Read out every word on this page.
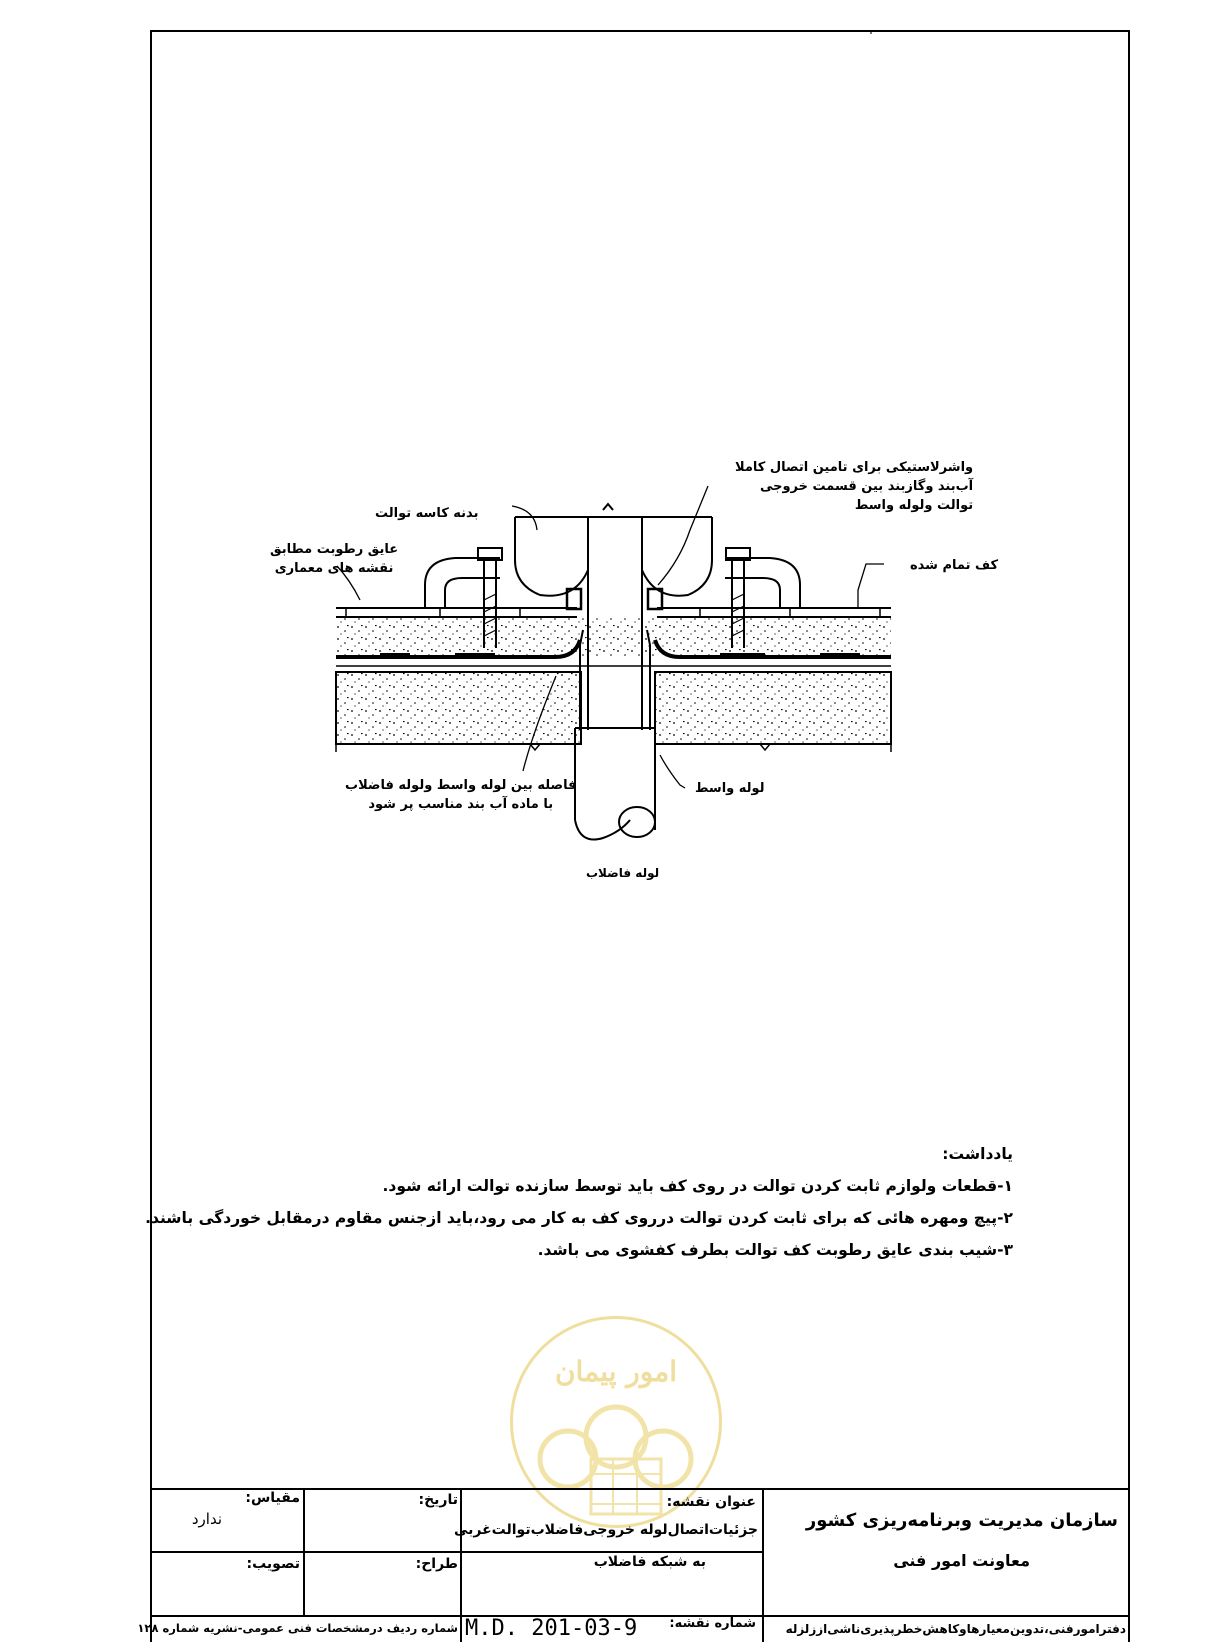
بدنه کاسه توالت
واشرلاستیکی برای تامین اتصال کاملا
آب‌بند وگازبند بین قسمت خروجی
توالت ولوله واسط
عایق رطوبت مطابق
نقشه های معماری	کف تمام شده
فاصله بین لوله واسط ولوله فاضلاب
با ماده آب بند مناسب پر شود
لوله واسط
لوله فاضلاب
یادداشت:
۱-قطعات ولوازم ثابت کردن توالت در روی کف باید توسط سازنده توالت ارائه شود.
۲-پیچ ومهره هائی که برای ثابت کردن توالت درروی کف به کار می رود،باید ازجنس مقاوم درمقابل خوردگی باشند.
۳-شیب بندی عایق رطوبت کف توالت بطرف کفشوی می باشد.
امور پیمان
سازمان مدیریت وبرنامه‌ریزی کشور
معاونت امور فنی
دفترامورفنی،تدوین‌معیارهاوکاهش‌خطرپذیری‌ناشی‌اززلزله
عنوان نقشه:
جزئیات‌اتصال‌لوله خروجی‌فاضلاب‌توالت‌غربی
به شبکه فاضلاب
شماره نقشه:
M.D. 201-03-9
تاریخ:
طراح:
مقیاس:
ندارد
تصویب:
شماره ردیف درمشخصات فنی عمومی-نشریه شماره ۱۲۸
